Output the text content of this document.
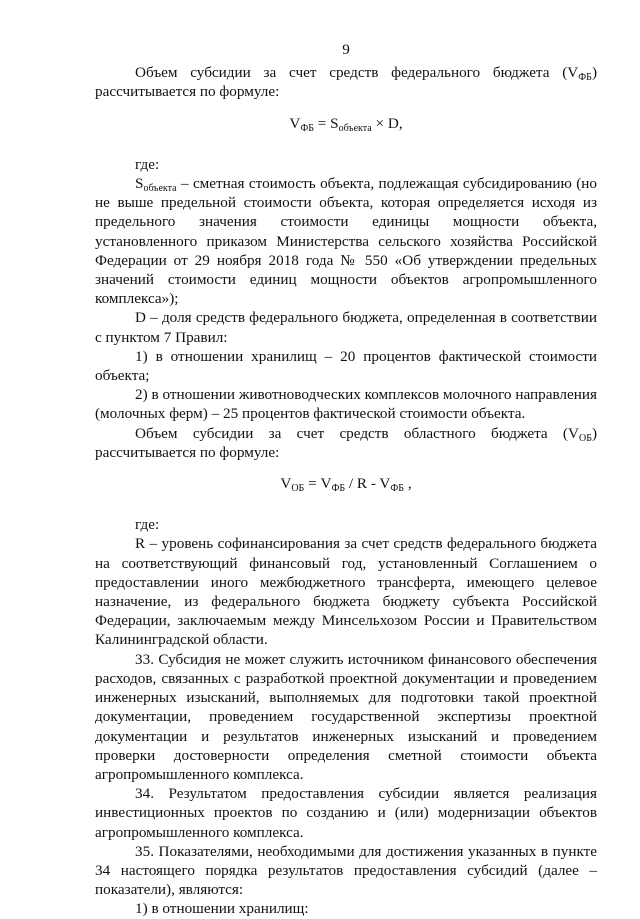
9

Объем субсидии за счет средств федерального бюджета $(V_{ФБ})$ рассчитывается по формуле:

$V_{ФБ} = S_{объекта} \times D$,

где:

$S_{объекта}$ – сметная стоимость объекта, подлежащая субсидированию (но не выше предельной стоимости объекта, которая определяется исходя из предельного значения стоимости единицы мощности объекта, установленного приказом Министерства сельского хозяйства Российской Федерации от 29 ноября 2018 года № 550 «Об утверждении предельных значений стоимости единиц мощности объектов агропромышленного комплекса»);

D – доля средств федерального бюджета, определенная в соответствии с пунктом 7 Правил:

1) в отношении хранилищ – 20 процентов фактической стоимости объекта;

2) в отношении животноводческих комплексов молочного направления (молочных ферм) – 25 процентов фактической стоимости объекта.

Объем субсидии за счет средств областного бюджета $(V_{ОБ})$ рассчитывается по формуле:

$V_{ОБ} = V_{ФБ} / R - V_{ФБ}$ ,

где:

R – уровень софинансирования за счет средств федерального бюджета на соответствующий финансовый год, установленный Соглашением о предоставлении иного межбюджетного трансферта, имеющего целевое назначение, из федерального бюджета бюджету субъекта Российской Федерации, заключаемым между Минсельхозом России и Правительством Калининградской области.

33. Субсидия не может служить источником финансового обеспечения расходов, связанных с разработкой проектной документации и проведением инженерных изысканий, выполняемых для подготовки такой проектной документации, проведением государственной экспертизы проектной документации и результатов инженерных изысканий и проведением проверки достоверности определения сметной стоимости объекта агропромышленного комплекса.

34. Результатом предоставления субсидии является реализация инвестиционных проектов по созданию и (или) модернизации объектов агропромышленного комплекса.

35. Показателями, необходимыми для достижения указанных в пункте 34 настоящего порядка результатов предоставления субсидий (далее – показатели), являются:

1) в отношении хранилищ:
